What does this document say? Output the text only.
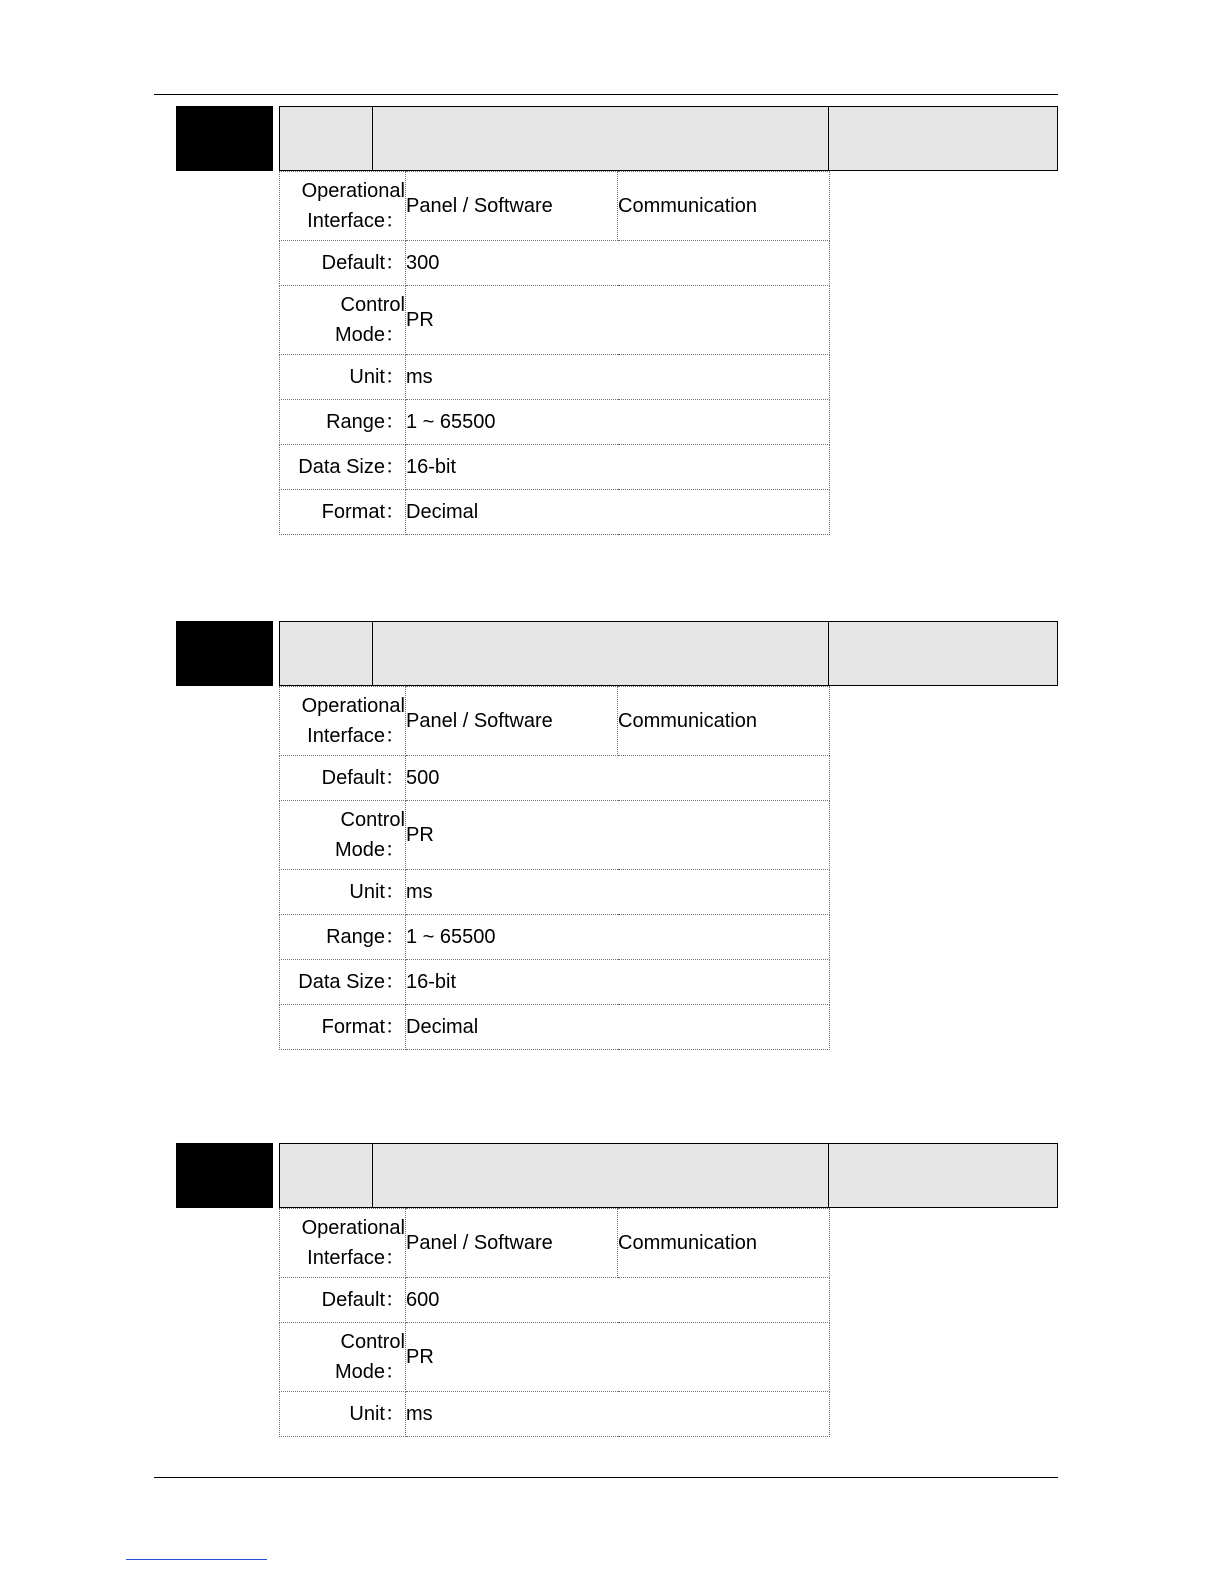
Operational
Interface：	Panel / Software	Communication
Default：	300	
Control
Mode：	PR	
Unit：	ms	
Range：	1 ~ 65500	
Data Size：	16-bit	
Format：	Decimal	
Operational
Interface：	Panel / Software	Communication
Default：	500	
Control
Mode：	PR	
Unit：	ms	
Range：	1 ~ 65500	
Data Size：	16-bit	
Format：	Decimal	
Operational
Interface：	Panel / Software	Communication
Default：	600	
Control
Mode：	PR	
Unit：	ms	
